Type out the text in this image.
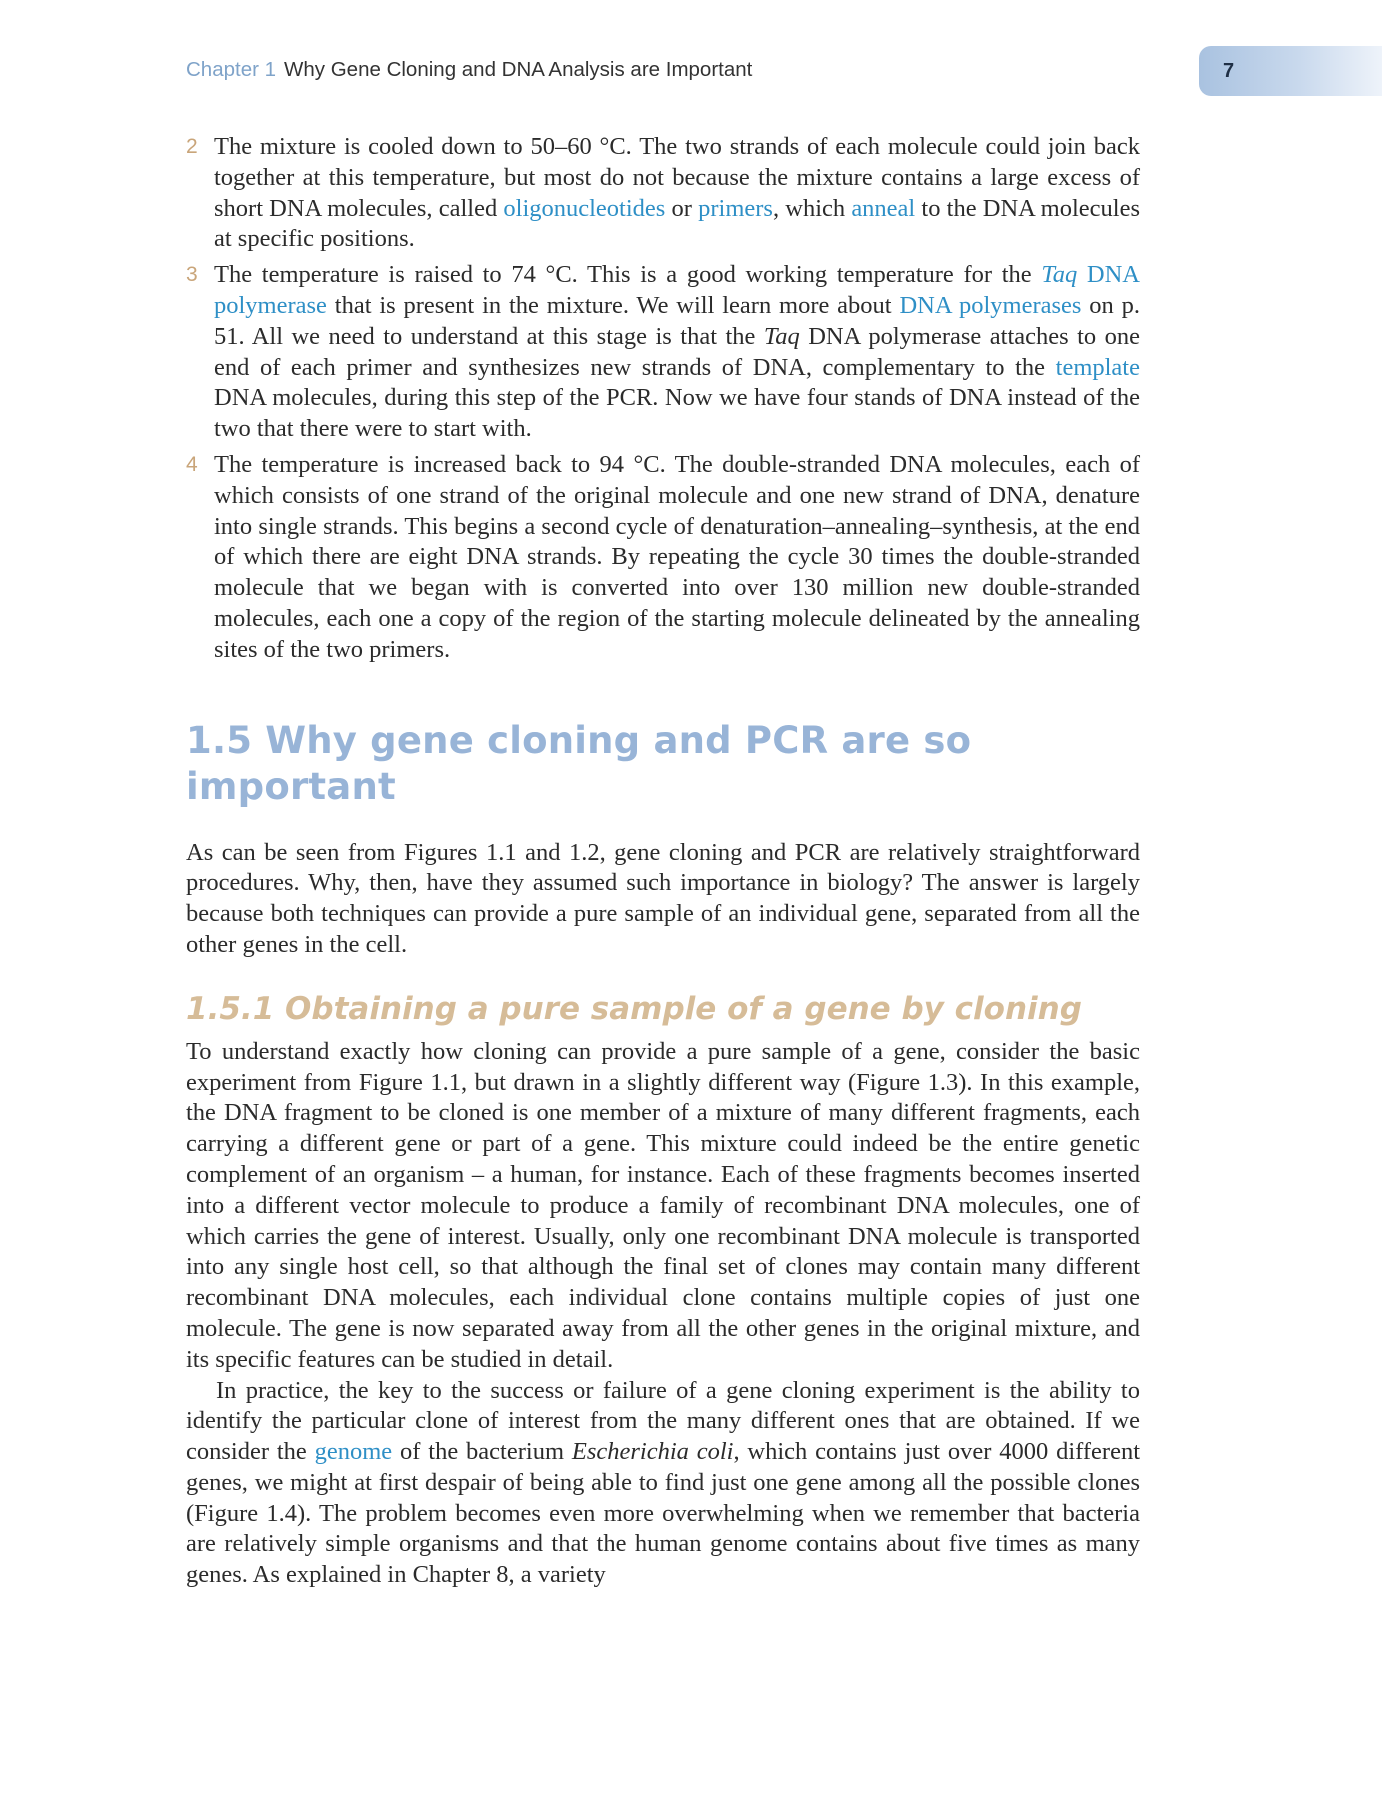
Chapter 1 Why Gene Cloning and DNA Analysis are Important	7
2 The mixture is cooled down to 50–60 °C. The two strands of each molecule could join back together at this temperature, but most do not because the mixture contains a large excess of short DNA molecules, called oligonucleotides or primers, which anneal to the DNA molecules at specific positions.
3 The temperature is raised to 74 °C. This is a good working temperature for the Taq DNA polymerase that is present in the mixture. We will learn more about DNA polymerases on p. 51. All we need to understand at this stage is that the Taq DNA polymerase attaches to one end of each primer and synthesizes new strands of DNA, complementary to the template DNA molecules, during this step of the PCR. Now we have four stands of DNA instead of the two that there were to start with.
4 The temperature is increased back to 94 °C. The double-stranded DNA molecules, each of which consists of one strand of the original molecule and one new strand of DNA, denature into single strands. This begins a second cycle of denaturation–annealing–synthesis, at the end of which there are eight DNA strands. By repeating the cycle 30 times the double-stranded molecule that we began with is converted into over 130 million new double-stranded molecules, each one a copy of the region of the starting molecule delineated by the annealing sites of the two primers.
1.5 Why gene cloning and PCR are so important

As can be seen from Figures 1.1 and 1.2, gene cloning and PCR are relatively straightforward procedures. Why, then, have they assumed such importance in biology? The answer is largely because both techniques can provide a pure sample of an individual gene, separated from all the other genes in the cell.

1.5.1 Obtaining a pure sample of a gene by cloning

To understand exactly how cloning can provide a pure sample of a gene, consider the basic experiment from Figure 1.1, but drawn in a slightly different way (Figure 1.3). In this example, the DNA fragment to be cloned is one member of a mixture of many different fragments, each carrying a different gene or part of a gene. This mixture could indeed be the entire genetic complement of an organism – a human, for instance. Each of these fragments becomes inserted into a different vector molecule to produce a family of recombinant DNA molecules, one of which carries the gene of interest. Usually, only one recombinant DNA molecule is transported into any single host cell, so that although the final set of clones may contain many different recombinant DNA molecules, each individual clone contains multiple copies of just one molecule. The gene is now separated away from all the other genes in the original mixture, and its specific features can be studied in detail.

In practice, the key to the success or failure of a gene cloning experiment is the ability to identify the particular clone of interest from the many different ones that are obtained. If we consider the genome of the bacterium Escherichia coli, which contains just over 4000 different genes, we might at first despair of being able to find just one gene among all the possible clones (Figure 1.4). The problem becomes even more overwhelming when we remember that bacteria are relatively simple organisms and that the human genome contains about five times as many genes. As explained in Chapter 8, a variety
